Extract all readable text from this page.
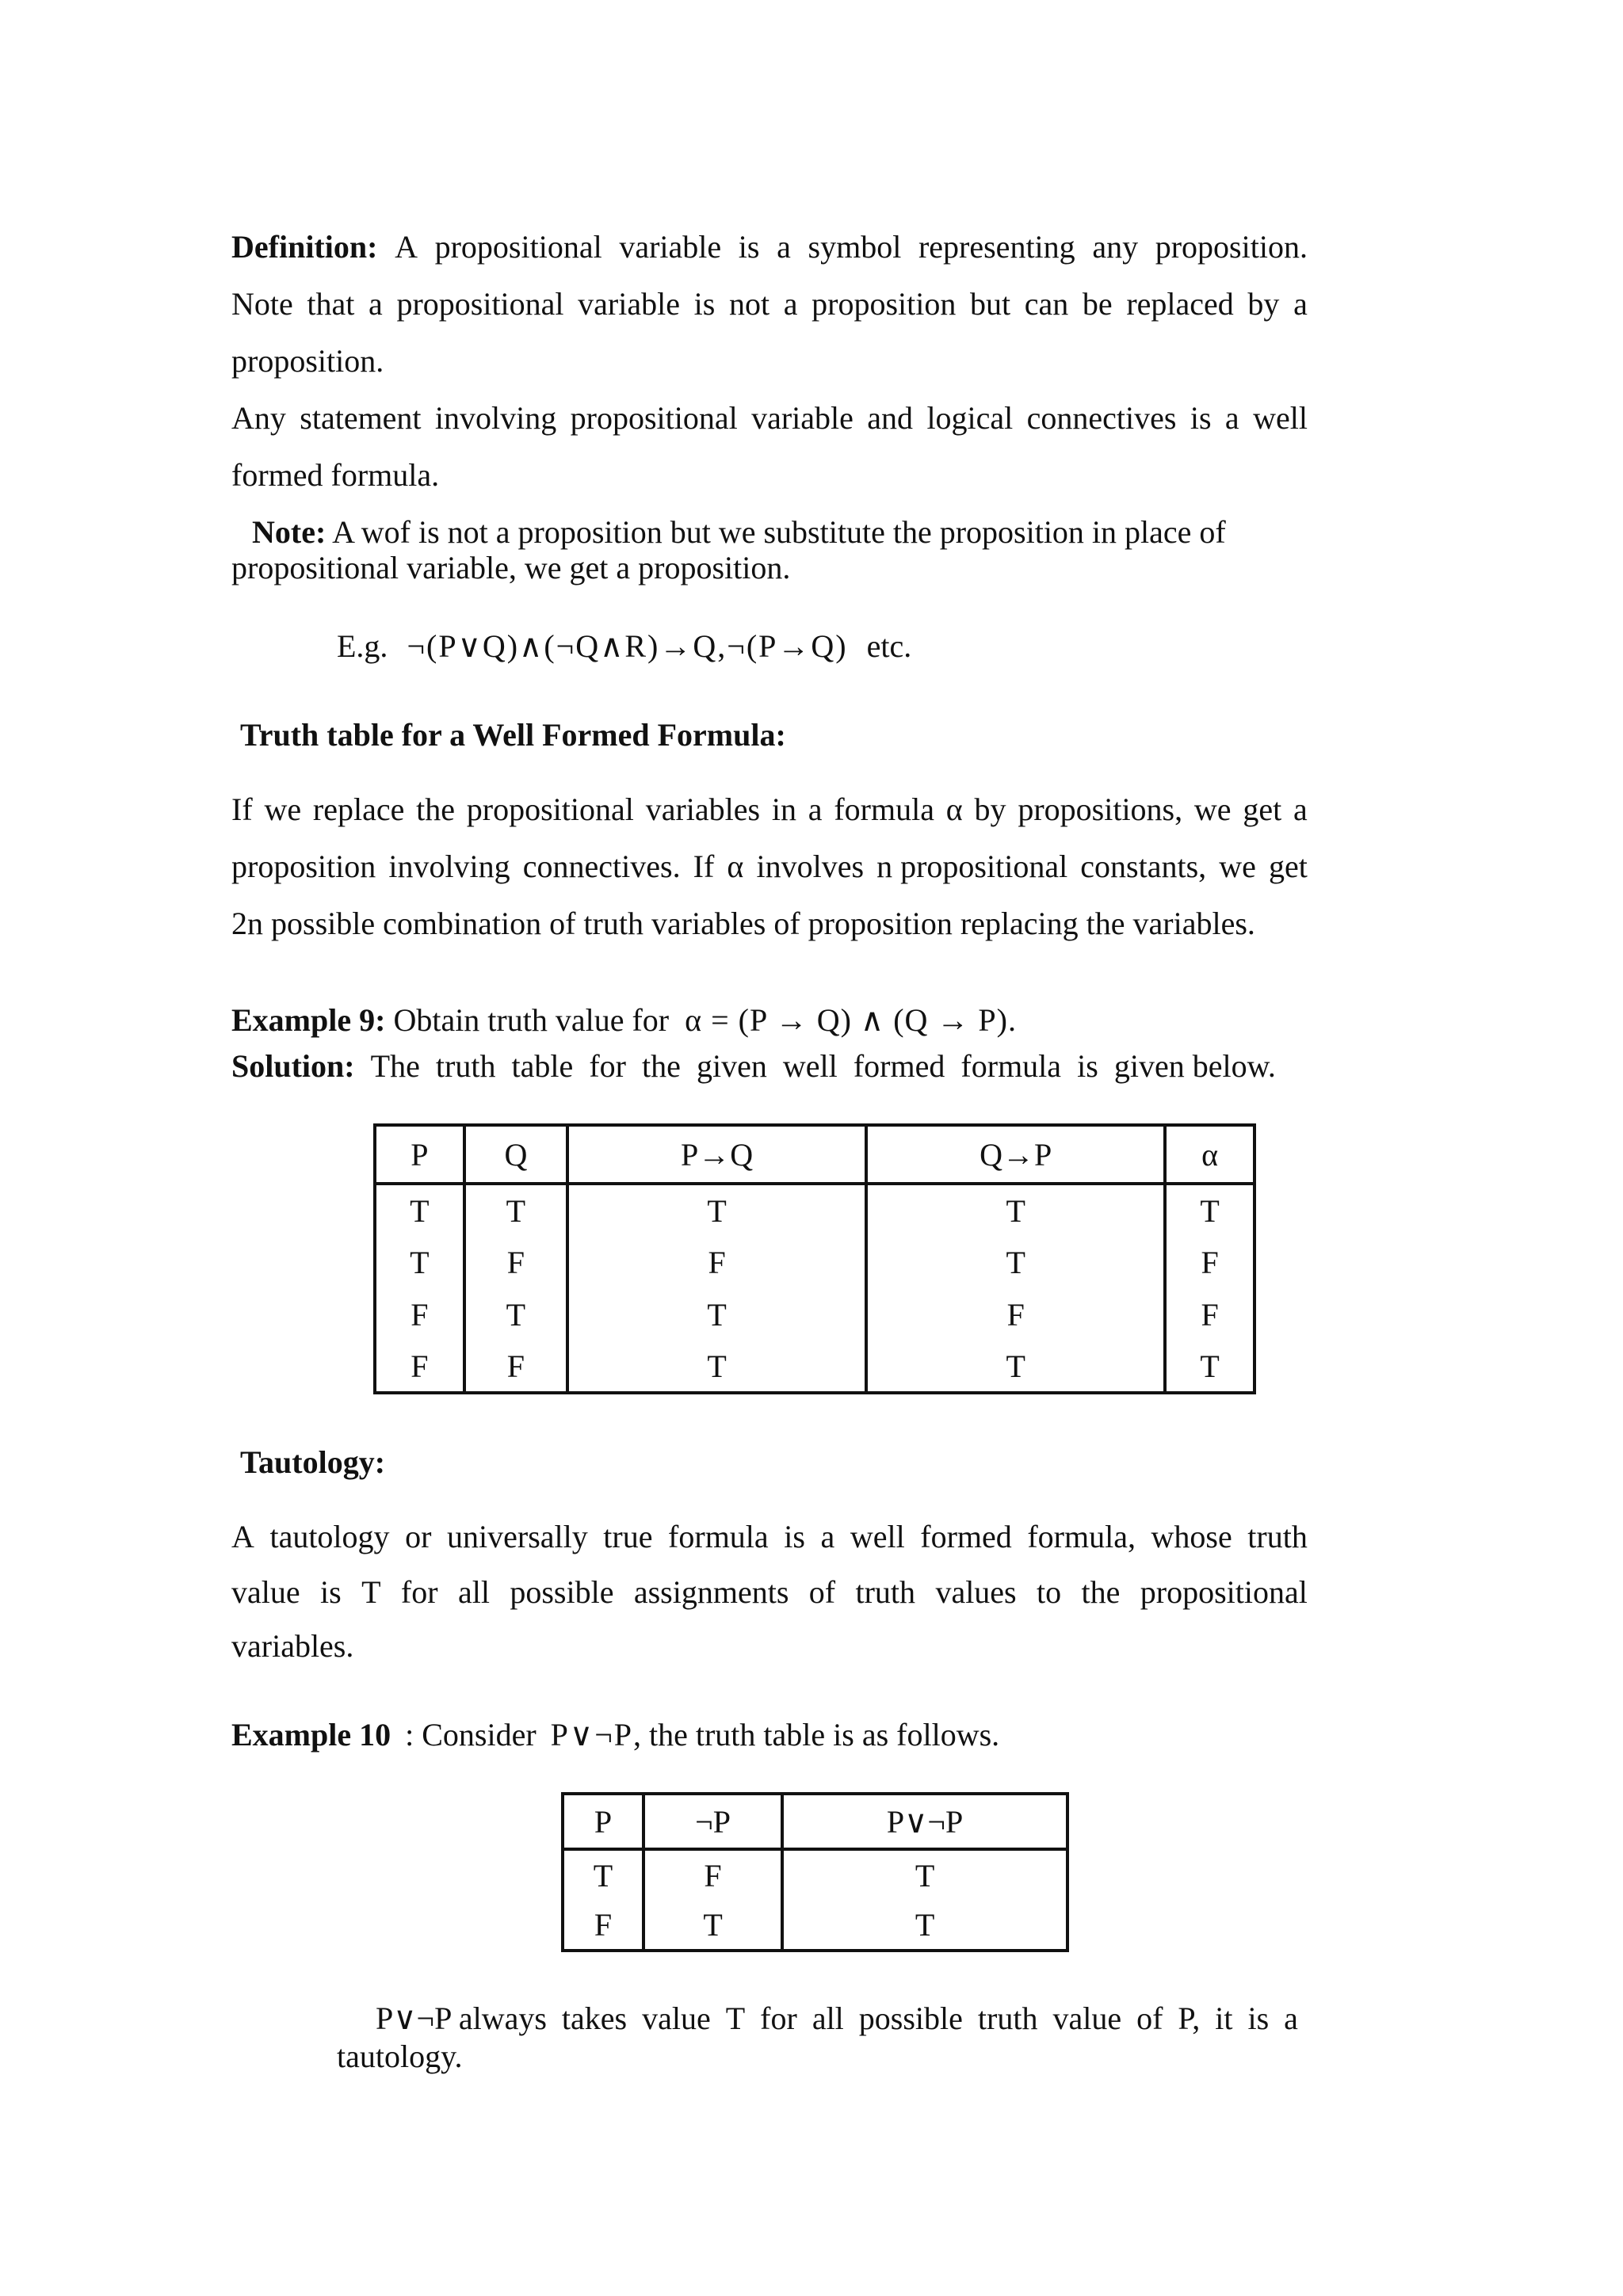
Definition: A propositional variable is a symbol representing any proposition.
Note that a propositional variable is not a proposition but can be replaced by a
proposition.
Any statement involving propositional variable and logical connectives is a well
formed formula.
Note: A wof is not a proposition but we substitute the proposition in place of
propositional variable, we get a proposition.
E.g. ¬(P∨Q)∧(¬Q∧R)→Q,¬(P→Q) etc.
Truth table for a Well Formed Formula:
If we replace the propositional variables in a formula α by propositions, we get a
proposition involving connectives. If α involves n propositional constants, we get
2n possible combination of truth variables of proposition replacing the variables.
Example 9: Obtain truth value for α = (P → Q) ∧ (Q → P).
Solution: The truth table for the given well formed formula is given below.
P	Q	P→Q	Q→P	α
T	T	T	T	T
T	F	F	T	F
F	T	T	F	F
F	F	T	T	T
Tautology:
A tautology or universally true formula is a well formed formula, whose truth
value is T for all possible assignments of truth values to the propositional
variables.
Example 10 : Consider P∨¬P, the truth table is as follows.
P	¬P	P∨¬P
T	F	T
F	T	T
P∨¬P always takes value T for all possible truth value of P, it is a
tautology.
